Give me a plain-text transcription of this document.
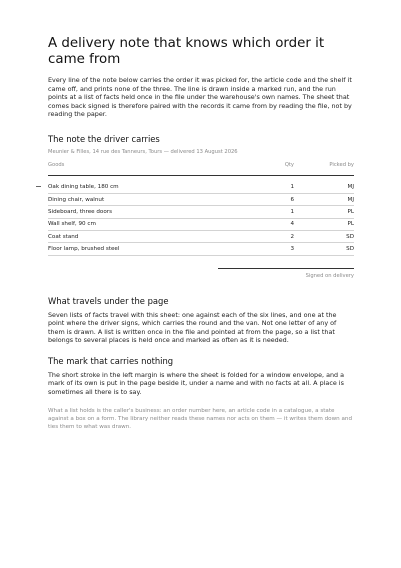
A delivery note that knows which order it came from

Every line of the note below carries the order it was picked for, the article code and the shelf it came off, and prints none of the three. The line is drawn inside a marked run, and the run points at a list of facts held once in the file under the warehouse's own names. The sheet that comes back signed is therefore paired with the records it came from by reading the file, not by reading the paper.

The note the driver carries
Meunier & Filles, 14 rue des Tanneurs, Tours — delivered 13 August 2026
Goods	Qty	Picked by

Oak dining table, 180 cm	1	MJ
Dining chair, walnut	6	MJ
Sideboard, three doors	1	PL
Wall shelf, 90 cm	4	PL
Coat stand	2	SD
Floor lamp, brushed steel	3	SD
Signed on delivery
What travels under the page

Seven lists of facts travel with this sheet: one against each of the six lines, and one at the point where the driver signs, which carries the round and the van. Not one letter of any of them is drawn. A list is written once in the file and pointed at from the page, so a list that belongs to several places is held once and marked as often as it is needed.

The mark that carries nothing

The short stroke in the left margin is where the sheet is folded for a window envelope, and a mark of its own is put in the page beside it, under a name and with no facts at all. A place is sometimes all there is to say.

What a list holds is the caller's business: an order number here, an article code in a catalogue, a state against a box on a form. The library neither reads these names nor acts on them — it writes them down and ties them to what was drawn.
